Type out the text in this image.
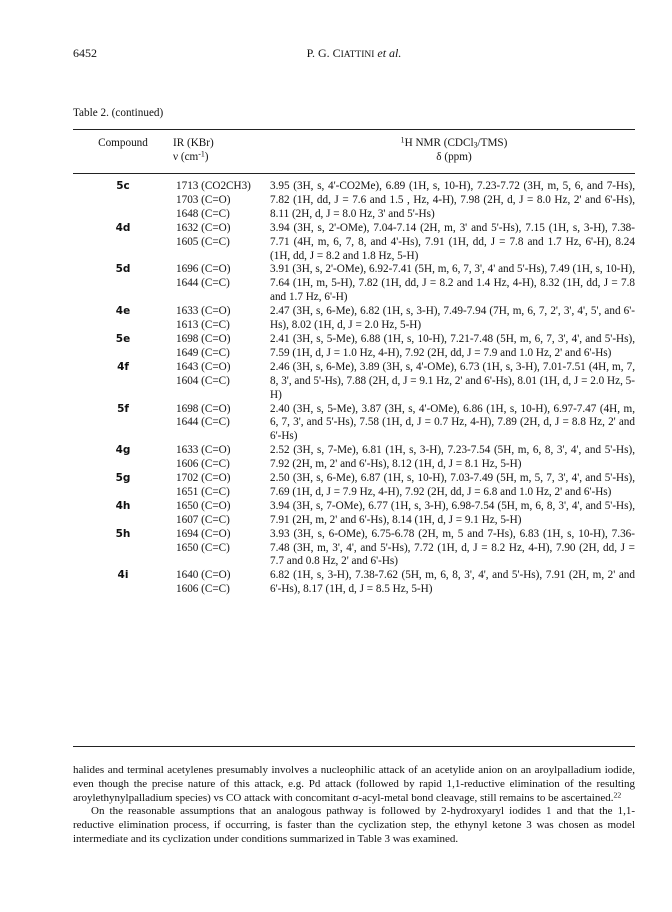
6452	P. G. CIATTINI et al.
Table 2. (continued)
Compound	IR (KBr)
ν $(cm^{-1})$
$^1$H NMR (CDCl$_3$/TMS)
δ (ppm)
5c	1713 (CO2CH3)
1703 (C=O)
1648 (C=C)
3.95 (3H, s, 4'-CO2Me), 6.89 (1H, s, 10-H), 7.23-7.72 (3H, m, 5, 6, and 7-Hs), 7.82 (1H, dd, J = 7.6 and 1.5 , Hz, 4-H), 7.98 (2H, d, J = 8.0 Hz, 2' and 6'-Hs), 8.11 (2H, d, J = 8.0 Hz, 3' and 5'-Hs)
4d	1632 (C=O)
1605 (C=C)
3.94 (3H, s, 2'-OMe), 7.04-7.14 (2H, m, 3' and 5'-Hs), 7.15 (1H, s, 3-H), 7.38-7.71 (4H, m, 6, 7, 8, and 4'-Hs), 7.91 (1H, dd, J = 7.8 and 1.7 Hz, 6'-H), 8.24 (1H, dd, J = 8.2 and 1.8 Hz, 5-H)
5d	1696 (C=O)
1644 (C=C)
3.91 (3H, s, 2'-OMe), 6.92-7.41 (5H, m, 6, 7, 3', 4' and 5'-Hs), 7.49 (1H, s, 10-H), 7.64 (1H, m, 5-H), 7.82 (1H, dd, J = 8.2 and 1.4 Hz, 4-H), 8.32 (1H, dd, J = 7.8 and 1.7 Hz, 6'-H)
4e	1633 (C=O)
1613 (C=C)
2.47 (3H, s, 6-Me), 6.82 (1H, s, 3-H), 7.49-7.94 (7H, m, 6, 7, 2', 3', 4', 5', and 6'-Hs), 8.02 (1H, d, J = 2.0 Hz, 5-H)
5e	1698 (C=O)
1649 (C=C)
2.41 (3H, s, 5-Me), 6.88 (1H, s, 10-H), 7.21-7.48 (5H, m, 6, 7, 3', 4', and 5'-Hs), 7.59 (1H, d, J = 1.0 Hz, 4-H), 7.92 (2H, dd, J = 7.9 and 1.0 Hz, 2' and 6'-Hs)
4f	1643 (C=O)
1604 (C=C)
2.46 (3H, s, 6-Me), 3.89 (3H, s, 4'-OMe), 6.73 (1H, s, 3-H), 7.01-7.51 (4H, m, 7, 8, 3', and 5'-Hs), 7.88 (2H, d, J = 9.1 Hz, 2' and 6'-Hs), 8.01 (1H, d, J = 2.0 Hz, 5-H)
5f	1698 (C=O)
1644 (C=C)
2.40 (3H, s, 5-Me), 3.87 (3H, s, 4'-OMe), 6.86 (1H, s, 10-H), 6.97-7.47 (4H, m, 6, 7, 3', and 5'-Hs), 7.58 (1H, d, J = 0.7 Hz, 4-H), 7.89 (2H, d, J = 8.8 Hz, 2' and 6'-Hs)
4g	1633 (C=O)
1606 (C=C)
2.52 (3H, s, 7-Me), 6.81 (1H, s, 3-H), 7.23-7.54 (5H, m, 6, 8, 3', 4', and 5'-Hs), 7.92 (2H, m, 2' and 6'-Hs), 8.12 (1H, d, J = 8.1 Hz, 5-H)
5g	1702 (C=O)
1651 (C=C)
2.50 (3H, s, 6-Me), 6.87 (1H, s, 10-H), 7.03-7.49 (5H, m, 5, 7, 3', 4', and 5'-Hs), 7.69 (1H, d, J = 7.9 Hz, 4-H), 7.92 (2H, dd, J = 6.8 and 1.0 Hz, 2' and 6'-Hs)
4h	1650 (C=O)
1607 (C=C)
3.94 (3H, s, 7-OMe), 6.77 (1H, s, 3-H), 6.98-7.54 (5H, m, 6, 8, 3', 4', and 5'-Hs), 7.91 (2H, m, 2' and 6'-Hs), 8.14 (1H, d, J = 9.1 Hz, 5-H)
5h	1694 (C=O)
1650 (C=C)
3.93 (3H, s, 6-OMe), 6.75-6.78 (2H, m, 5 and 7-Hs), 6.83 (1H, s, 10-H), 7.36-7.48 (3H, m, 3', 4', and 5'-Hs), 7.72 (1H, d, J = 8.2 Hz, 4-H), 7.90 (2H, dd, J = 7.7 and 0.8 Hz, 2' and 6'-Hs)
4i	1640 (C=O)
1606 (C=C)
6.82 (1H, s, 3-H), 7.38-7.62 (5H, m, 6, 8, 3', 4', and 5'-Hs), 7.91 (2H, m, 2' and 6'-Hs), 8.17 (1H, d, J = 8.5 Hz, 5-H)

halides and terminal acetylenes presumably involves a nucleophilic attack of an acetylide anion on an aroylpalladium iodide, even though the precise nature of this attack, e.g. Pd attack (followed by rapid 1,1-reductive elimination of the resulting aroylethynylpalladium species) vs CO attack with concomitant σ-acyl-metal bond cleavage, still remains to be ascertained.$^{22}$

On the reasonable assumptions that an analogous pathway is followed by 2-hydroxyaryl iodides 1 and that the 1,1-reductive elimination process, if occurring, is faster than the cyclization step, the ethynyl ketone 3 was chosen as model intermediate and its cyclization under conditions summarized in Table 3 was examined.
